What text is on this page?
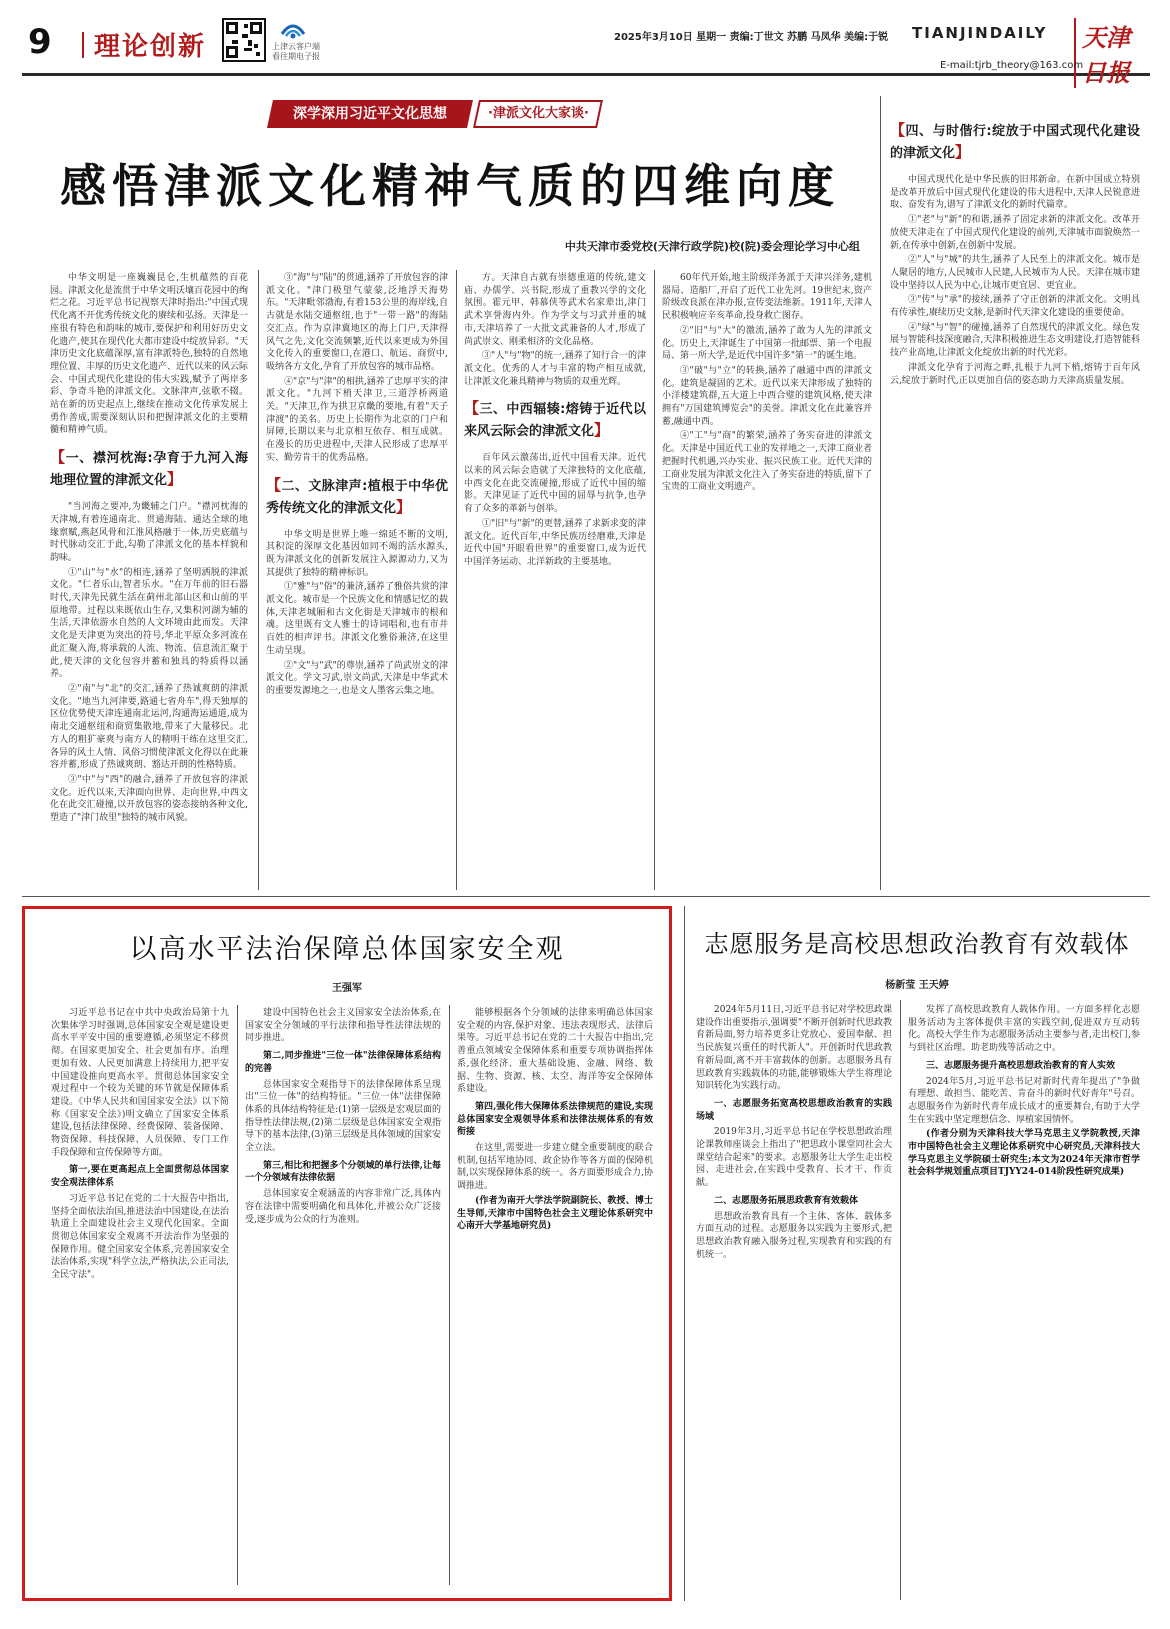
9 理论创新	上津云客户端 看往期电子报
2025年3月10日 星期一 责编:丁世文 苏鹏 马凤华 美编:于锐 TIANJINDAILY	天津日报
E-mail:tjrb_theory@163.com
深学深用习近平文化思想	·津派文化大家谈·
感悟津派文化精神气质的四维向度
中共天津市委党校(天津行政学院)校(院)委会理论学习中心组

中华文明是一座巍巍昆仑,生机蕴然的百花园。津派文化是流贯于中华文明沃壤百花园中的绚烂之花。习近平总书记视察天津时指出:"中国式现代化离不开优秀传统文化的赓续和弘扬。天津是一座很有特色和韵味的城市,要保护和利用好历史文化遗产,使其在现代化大都市建设中绽放异彩。"天津历史文化底蕴深厚,富有津派特色,独特的自然地理位置、丰厚的历史文化遗产、近代以来的风云际会、中国式现代化建设的伟大实践,赋予了两岸多彩、争奇斗艳的津派文化。文脉津声,弦歌不辍。站在新的历史起点上,继续在推动文化传承发展上勇作善成,需要深刻认识和把握津派文化的主要精髓和精神气质。

【一、襟河枕海:孕育于九河入海地理位置的津派文化】

"当河海之要冲,为畿辅之门户。"襟河枕海的天津城,有着连通南北、贯通海陆、通达全球的地缘禀赋,燕赵风骨和江淮风格融于一体,历史底蕴与时代脉动交汇于此,勾勒了津派文化的基本样貌和韵味。

①"山"与"水"的相连,涵养了坚明洒脱的津派文化。"仁者乐山,智者乐水。"在万年前的旧石器时代,天津先民就生活在蓟州北部山区和山前的平原地带。过程以来既依山生存,又集积河湖为辅的生活,天津依游水自然的人文环境由此而发。天津文化是天津更为突出的符号,华北平原众多河流在此汇聚入海,将承载的人流、物流、信息流汇聚于此,使天津的文化包容并蓄和独具的特质得以涵养。

②"南"与"北"的交汇,涵养了热诚爽朗的津派文化。"地当九河津要,路通七省舟车",得天独厚的区位优势使天津连通南北运河,沟通海运通道,成为南北交通枢纽和商贸集散地,带来了大量移民。北方人的粗犷豪爽与南方人的精明干练在这里交汇,各异的风土人情、风俗习惯使津派文化得以在此兼容并蓄,形成了热诚爽朗、豁达开朗的性格特质。

③"中"与"西"的融合,涵养了开放包容的津派文化。近代以来,天津面向世界、走向世界,中西文化在此交汇碰撞,以开放包容的姿态接纳各种文化,塑造了"津门故里"独特的城市风貌。

③"海"与"陆"的贯通,涵养了开放包容的津派文化。"津门极望气蒙蒙,泛地浮天海势东。"天津毗邻渤海,有着153公里的海岸线,自古就是水陆交通枢纽,也于"一带一路"的海陆交汇点。作为京津冀地区的海上门户,天津得风气之先,文化交流频繁,近代以来更成为外国文化传入的重要窗口,在港口、航运、商贸中,吸纳各方文化,孕育了开放包容的城市品格。

④"京"与"津"的相拱,涵养了忠厚平实的津派文化。"九河下梢天津卫,三道浮桥两道关。"天津卫,作为拱卫京畿的要地,有着"天子津渡"的美名。历史上长期作为北京的门户和屏障,长期以来与北京相互依存、相互成就。在漫长的历史进程中,天津人民形成了忠厚平实、勤劳肯干的优秀品格。

【二、文脉津声:植根于中华优秀传统文化的津派文化】

中华文明是世界上唯一绵延不断的文明,其积淀的深厚文化基因如同不竭的活水源头,既为津派文化的创新发展注入源源动力,又为其提供了独特的精神标识。

①"雅"与"俗"的兼济,涵养了雅俗共赏的津派文化。城市是一个民族文化和情感记忆的载体,天津老城厢和古文化街是天津城市的根和魂。这里既有文人雅士的诗词唱和,也有市井百姓的相声评书。津派文化雅俗兼济,在这里生动呈现。

②"文"与"武"的尊崇,涵养了尚武崇文的津派文化。学文习武,崇文尚武,天津是中华武术的重要发源地之一,也是文人墨客云集之地。

方。天津自古就有崇德重道的传统,建文庙、办儒学、兴书院,形成了重教兴学的文化氛围。霍元甲、韩慕侠等武术名家辈出,津门武术享誉海内外。作为学文与习武并重的城市,天津培养了一大批文武兼备的人才,形成了尚武崇文、刚柔相济的文化品格。

③"人"与"物"的统一,涵养了知行合一的津派文化。优秀的人才与丰富的物产相互成就,让津派文化兼具精神与物质的双重光辉。

【三、中西辐辏:熔铸于近代以来风云际会的津派文化】

百年风云激荡出,近代中国看天津。近代以来的风云际会造就了天津独特的文化底蕴,中西文化在此交流碰撞,形成了近代中国的缩影。天津见证了近代中国的屈辱与抗争,也孕育了众多的革新与创举。

①"旧"与"新"的更替,涵养了求新求变的津派文化。近代百年,中华民族历经磨难,天津是近代中国"开眼看世界"的重要窗口,成为近代中国洋务运动、北洋新政的主要基地。

60年代开始,地主阶级洋务派于天津兴洋务,建机器局、造船厂,开启了近代工业先河。19世纪末,资产阶级改良派在津办报,宣传变法维新。1911年,天津人民积极响应辛亥革命,投身救亡图存。

②"旧"与"大"的激流,涵养了敢为人先的津派文化。历史上,天津诞生了中国第一批邮票、第一个电报局、第一所大学,是近代中国许多"第一"的诞生地。

③"破"与"立"的转换,涵养了融通中西的津派文化。建筑是凝固的艺术。近代以来天津形成了独特的小洋楼建筑群,五大道上中西合璧的建筑风格,使天津拥有"万国建筑博览会"的美誉。津派文化在此兼容并蓄,融通中西。

④"工"与"商"的繁荣,涵养了务实奋进的津派文化。天津是中国近代工业的发祥地之一,天津工商业者把握时代机遇,兴办实业、振兴民族工业。近代天津的工商业发展为津派文化注入了务实奋进的特质,留下了宝贵的工商业文明遗产。

【四、与时偕行:绽放于中国式现代化建设的津派文化】

中国式现代化是中华民族的旧邦新命。在新中国成立特别是改革开放后中国式现代化建设的伟大进程中,天津人民锐意进取、奋发有为,谱写了津派文化的新时代篇章。

①"老"与"新"的和谐,涵养了固定求新的津派文化。改革开放使天津走在了中国式现代化建设的前列,天津城市面貌焕然一新,在传承中创新,在创新中发展。

②"人"与"城"的共生,涵养了人民至上的津派文化。城市是人聚居的地方,人民城市人民建,人民城市为人民。天津在城市建设中坚持以人民为中心,让城市更宜居、更宜业。

③"传"与"承"的接续,涵养了守正创新的津派文化。文明具有传承性,赓续历史文脉,是新时代天津文化建设的重要使命。

④"绿"与"智"的碰撞,涵养了自然现代的津派文化。绿色发展与智能科技深度融合,天津积极推进生态文明建设,打造智能科技产业高地,让津派文化绽放出新的时代光彩。

津派文化孕育于河海之畔,扎根于九河下梢,熔铸于百年风云,绽放于新时代,正以更加自信的姿态助力天津高质量发展。

以高水平法治保障总体国家安全观
王强军

习近平总书记在中共中央政治局第十九次集体学习时强调,总体国家安全观是建设更高水平平安中国的重要遵循,必须坚定不移贯彻。在国家更加安全、社会更加有序、治理更加有效、人民更加满意上持续用力,把平安中国建设推向更高水平。贯彻总体国家安全观过程中一个较为关键的环节就是保障体系建设。《中华人民共和国国家安全法》以下简称《国家安全法》)明文确立了国家安全体系建设,包括法律保障、经费保障、装备保障、物资保障、科技保障、人员保障、专门工作手段保障和宣传保障等方面。

第一,要在更高起点上全面贯彻总体国家安全观法律体系

习近平总书记在党的二十大报告中指出,坚持全面依法治国,推进法治中国建设,在法治轨道上全面建设社会主义现代化国家。全面贯彻总体国家安全观离不开法治作为坚强的保障作用。健全国家安全体系,完善国家安全法治体系,实现"科学立法,严格执法,公正司法,全民守法"。

建设中国特色社会主义国家安全法治体系,在国家安全分领域的平行法律和指导性法律法规的同步推进。

第二,同步推进"三位一体"法律保障体系结构的完善

总体国家安全观指导下的法律保障体系呈现出"三位一体"的结构特征。"三位一体"法律保障体系的具体结构特征是:(1)第一层级是宏观层面的指导性法律法规,(2)第二层级是总体国家安全观指导下的基本法律,(3)第三层级是具体领域的国家安全立法。

第三,相比和把握多个分领域的单行法律,让每一个分领域有法律依据

总体国家安全观涵盖的内容非常广泛,具体内容在法律中需要明确化和具体化,并被公众广泛接受,逐步成为公众的行为准则。

能够根据各个分领域的法律来明确总体国家安全观的内容,保护对象、违法表现形式、法律后果等。习近平总书记在党的二十大报告中指出,完善重点领域安全保障体系和重要专项协调指挥体系,强化经济、重大基础设施、金融、网络、数据、生物、资源、核、太空、海洋等安全保障体系建设。

第四,强化伟大保障体系法律规范的建设,实现总体国家安全观领导体系和法律法规体系的有效衔接

在这里,需要进一步建立健全重要制度的联合机制,包括军地协同、政企协作等各方面的保障机制,以实现保障体系的统一。各方面要形成合力,协调推进。

(作者为南开大学法学院副院长、教授、博士生导师,天津市中国特色社会主义理论体系研究中心南开大学基地研究员)

志愿服务是高校思想政治教育有效载体
杨新莹 王天婷

2024年5月11日,习近平总书记对学校思政课建设作出重要指示,强调要"不断开创新时代思政教育新局面,努力培养更多让党放心、爱国奉献、担当民族复兴重任的时代新人"。开创新时代思政教育新局面,离不开丰富载体的创新。志愿服务具有思政教育实践载体的功能,能够锻炼大学生将理论知识转化为实践行动。

一、志愿服务拓宽高校思想政治教育的实践场域

2019年3月,习近平总书记在学校思想政治理论课教师座谈会上指出了"把思政小课堂同社会大课堂结合起来"的要求。志愿服务让大学生走出校园、走进社会,在实践中受教育、长才干、作贡献。

二、志愿服务拓展思政教育有效载体

思想政治教育具有一个主体、客体、载体多方面互动的过程。志愿服务以实践为主要形式,把思想政治教育融入服务过程,实现教育和实践的有机统一。

发挥了高校思政教育人载体作用。一方面多样化志愿服务活动为主客体提供丰富的实践空间,促进双方互动转化。高校大学生作为志愿服务活动主要参与者,走出校门,参与到社区治理、助老助残等活动之中。

三、志愿服务提升高校思想政治教育的育人实效

2024年5月,习近平总书记对新时代青年提出了"争做有理想、敢担当、能吃苦、肯奋斗的新时代好青年"号召。志愿服务作为新时代青年成长成才的重要舞台,有助于大学生在实践中坚定理想信念、厚植家国情怀。

(作者分别为天津科技大学马克思主义学院教授,天津市中国特色社会主义理论体系研究中心研究员,天津科技大学马克思主义学院硕士研究生;本文为2024年天津市哲学社会科学规划重点项目TJYY24-014阶段性研究成果)
